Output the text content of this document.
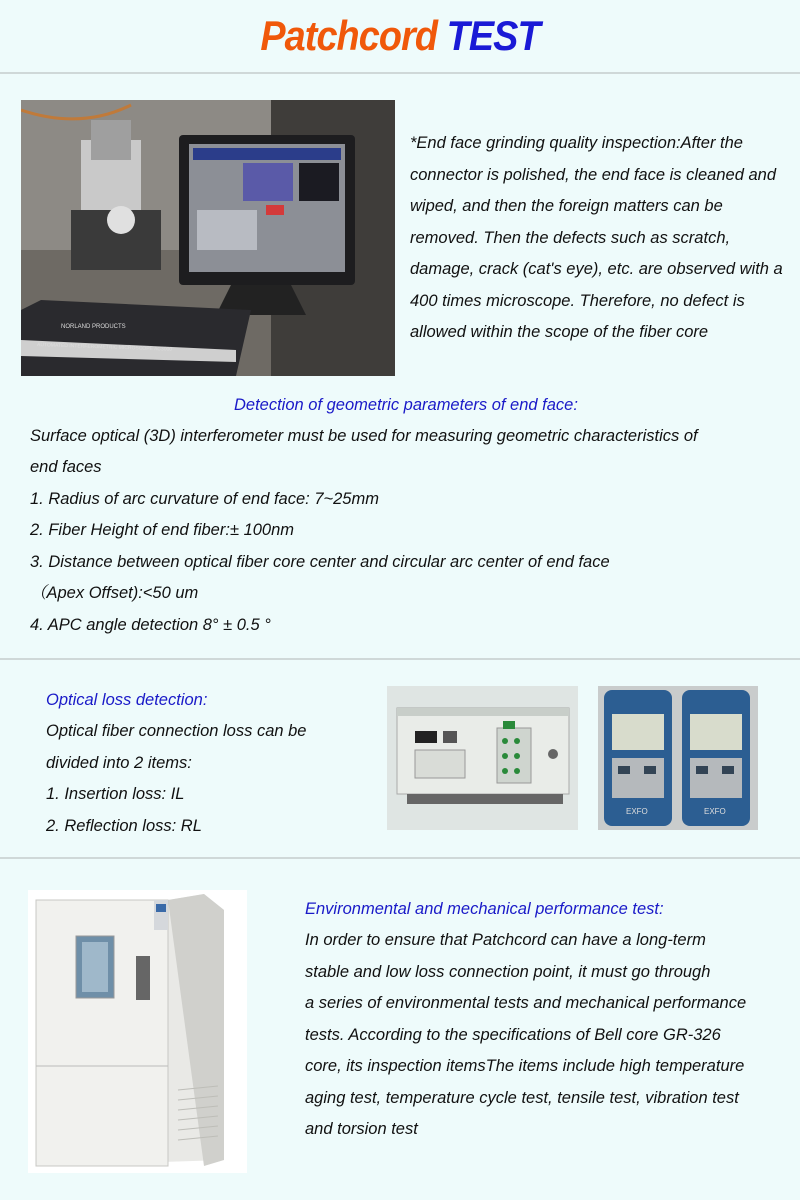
Patchcord TEST
NORLAND PRODUCTS
AUTOMATED INTERFEROMETRIC MICROSCOPE AC3000
*End face grinding quality inspection:After the connector is polished, the end face is cleaned and wiped, and then the foreign matters can be removed. Then the defects such as scratch, damage, crack (cat's eye), etc. are observed with a 400 times microscope. Therefore, no defect is allowed within the scope of the fiber core
Detection of geometric parameters of end face:
Surface optical (3D) interferometer must be used for measuring geometric characteristics of
end faces
1. Radius of arc curvature of end face: 7~25mm
2. Fiber Height of end fiber:± 100nm
3. Distance between optical fiber core center and circular arc center of end face
（Apex Offset):<50 um
4. APC angle detection 8° ± 0.5 °
Optical loss detection:
Optical fiber connection loss can be
divided into 2 items:
1. Insertion loss: IL
2. Reflection loss: RL
EXFO	EXFO
Environmental and mechanical performance test:
In order to ensure that Patchcord can have a long-term
stable and low loss connection point, it must go through
a series of environmental tests and mechanical performance
tests. According to the specifications of Bell core GR-326
core, its inspection itemsThe items include high temperature
aging test, temperature cycle test, tensile test, vibration test
and torsion test
